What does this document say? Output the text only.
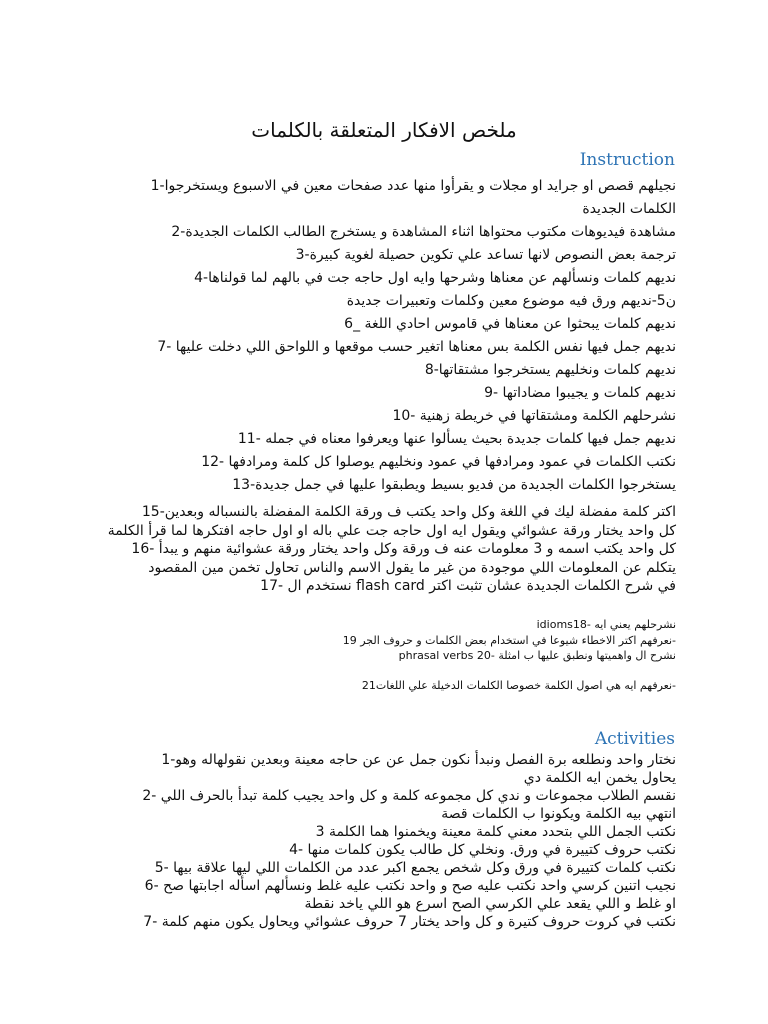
ملخص الافكار المتعلقة بالكلمات
Instruction

نجيلهم قصص او جرايد او مجلات و يقرأوا منها عدد صفحات معين في الاسبوع ويستخرجوا-1

الكلمات الجديدة

مشاهدة فيديوهات مكتوب محتواها اثناء المشاهدة و يستخرج الطالب الكلمات الجديدة-2

ترجمة بعض النصوص لانها تساعد علي تكوين حصيلة لغوية كبيرة-3

نديهم كلمات ونسألهم عن معناها وشرحها وايه اول حاجه جت في بالهم لما قولناها-4

ن5-نديهم ورق فيه موضوع معين وكلمات وتعبيرات جديدة

نديهم كلمات يبحثوا عن معناها في قاموس احادي اللغة _6

نديهم جمل فيها نفس الكلمة بس معناها اتغير حسب موقعها و اللواحق اللي دخلت عليها -7

نديهم كلمات ونخليهم يستخرجوا مشتقاتها-8

نديهم كلمات و يجيبوا مضاداتها -9

نشرحلهم الكلمة ومشتقاتها في خريطة زهنية -10

نديهم جمل فيها كلمات جديدة بحيث يسألوا عنها ويعرفوا معناه في جمله -11

نكتب الكلمات في عمود ومرادفها في عمود ونخليهم يوصلوا كل كلمة ومرادفها -12

يستخرجوا الكلمات الجديدة من فديو بسيط ويطبقوا عليها في جمل جديدة-13

اكتر كلمة مفضلة ليك في اللغة وكل واحد يكتب ف ورقة الكلمة المفضلة بالنسباله وبعدين-15

كل واحد يختار ورقة عشوائي ويقول ايه اول حاجه جت علي باله او اول حاجه افتكرها لما قرأ الكلمة

كل واحد يكتب اسمه و 3 معلومات عنه ف ورقة وكل واحد يختار ورقة عشوائية منهم و يبدأ -16

يتكلم عن المعلومات اللي موجودة من غير ما يقول الاسم والناس تحاول تخمن مين المقصود

في شرح الكلمات الجديدة عشان تثبت اكتر flash card نستخدم ال -17

idioms18- نشرحلهم يعني ايه

-نعرفهم اكتر الاخطاء شيوعا في استخدام بعض الكلمات و حروف الجر 19

phrasal verbs 20- نشرح ال واهميتها ونطبق عليها ب امثلة

-نعرفهم ايه هي اصول الكلمة خصوصا الكلمات الدخيلة علي اللغات21

Activities

نختار واحد ونطلعه برة الفصل ونبدأ نكون جمل عن عن حاجه معينة وبعدين نقولهاله وهو-1

يحاول يخمن ايه الكلمة دي

نقسم الطلاب مجموعات و ندي كل مجموعه كلمة و كل واحد يجيب كلمة تبدأ بالحرف اللي -2

انتهي بيه الكلمة ويكونوا ب الكلمات قصة

نكتب الجمل اللي بتحدد معني كلمة معينة ويخمنوا هما الكلمة 3

نكتب حروف كتييرة في ورق. ونخلي كل طالب يكون كلمات منها -4

نكتب كلمات كتييرة في ورق وكل شخص يجمع اكبر عدد من الكلمات اللي ليها علاقة بيها -5

نجيب اتنين كرسي واحد نكتب عليه صح و واحد نكتب عليه غلط ونسألهم اسأله اجابتها صح -6

او غلط و اللي يقعد علي الكرسي الصح اسرع هو اللي ياخد نقطة

نكتب في كروت حروف كتيرة و كل واحد يختار 7 حروف عشوائي ويحاول يكون منهم كلمة -7
